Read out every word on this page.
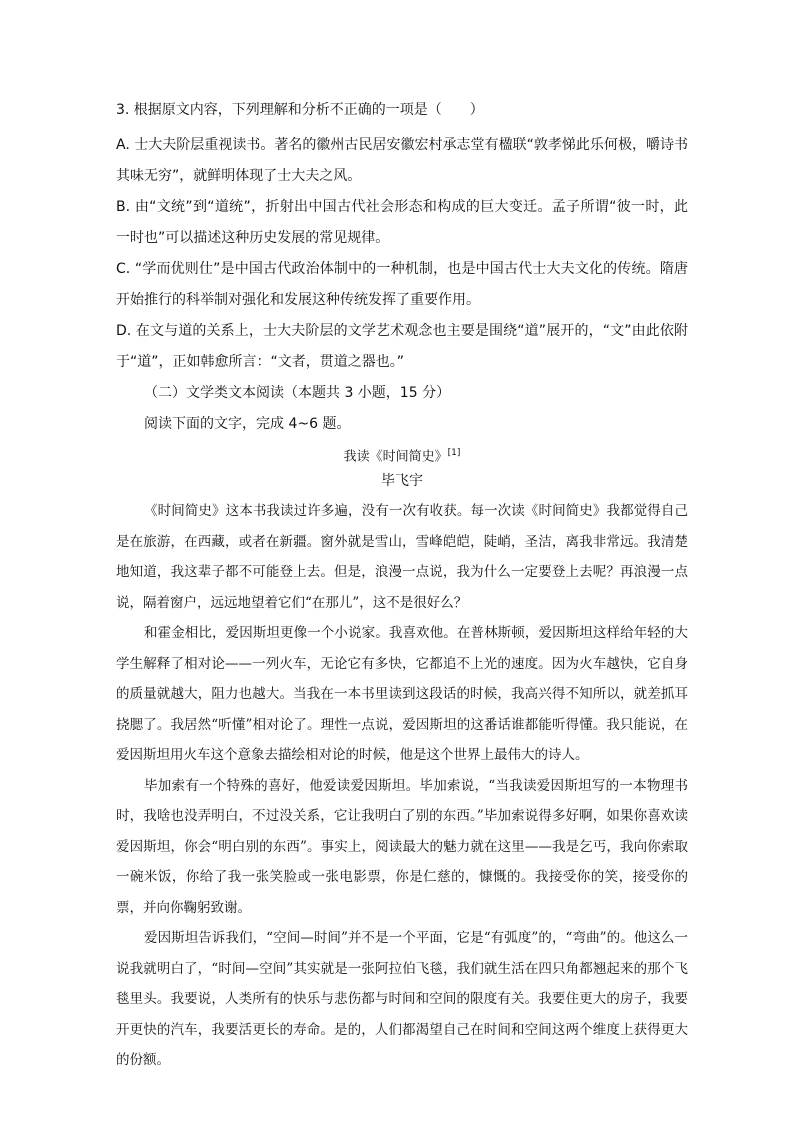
3. 根据原文内容，下列理解和分析不正确的一项是（　　）

A. 士大夫阶层重视读书。著名的徽州古民居安徽宏村承志堂有楹联“敦孝悌此乐何极，嚼诗书其味无穷”，就鲜明体现了士大夫之风。

B. 由“文统”到“道统”，折射出中国古代社会形态和构成的巨大变迁。孟子所谓“彼一时，此一时也”可以描述这种历史发展的常见规律。

C. “学而优则仕”是中国古代政治体制中的一种机制，也是中国古代士大夫文化的传统。隋唐开始推行的科举制对强化和发展这种传统发挥了重要作用。

D. 在文与道的关系上，士大夫阶层的文学艺术观念也主要是围绕“道”展开的，“文”由此依附于“道”，正如韩愈所言：“文者，贯道之器也。”

（二）文学类文本阅读（本题共 3 小题，15 分）

阅读下面的文字，完成 4~6 题。

我读《时间简史》[1]

毕飞宇

《时间简史》这本书我读过许多遍，没有一次有收获。每一次读《时间简史》我都觉得自己是在旅游，在西藏，或者在新疆。窗外就是雪山，雪峰皑皑，陡峭，圣洁，离我非常远。我清楚地知道，我这辈子都不可能登上去。但是，浪漫一点说，我为什么一定要登上去呢？再浪漫一点说，隔着窗户，远远地望着它们“在那儿”，这不是很好么？

和霍金相比，爱因斯坦更像一个小说家。我喜欢他。在普林斯顿，爱因斯坦这样给年轻的大学生解释了相对论——一列火车，无论它有多快，它都追不上光的速度。因为火车越快，它自身的质量就越大，阻力也越大。当我在一本书里读到这段话的时候，我高兴得不知所以，就差抓耳挠腮了。我居然“听懂”相对论了。理性一点说，爱因斯坦的这番话谁都能听得懂。我只能说，在爱因斯坦用火车这个意象去描绘相对论的时候，他是这个世界上最伟大的诗人。

毕加索有一个特殊的喜好，他爱读爱因斯坦。毕加索说，“当我读爱因斯坦写的一本物理书时，我啥也没弄明白，不过没关系，它让我明白了别的东西。”毕加索说得多好啊，如果你喜欢读爱因斯坦，你会“明白别的东西”。事实上，阅读最大的魅力就在这里——我是乞丐，我向你索取一碗米饭，你给了我一张笑脸或一张电影票，你是仁慈的，慷慨的。我接受你的笑，接受你的票，并向你鞠躬致谢。

爱因斯坦告诉我们，“空间—时间”并不是一个平面，它是“有弧度”的，“弯曲”的。他这么一说我就明白了，“时间—空间”其实就是一张阿拉伯飞毯，我们就生活在四只角都翘起来的那个飞毯里头。我要说，人类所有的快乐与悲伤都与时间和空间的限度有关。我要住更大的房子，我要开更快的汽车，我要活更长的寿命。是的，人们都渴望自己在时间和空间这两个维度上获得更大的份额。
